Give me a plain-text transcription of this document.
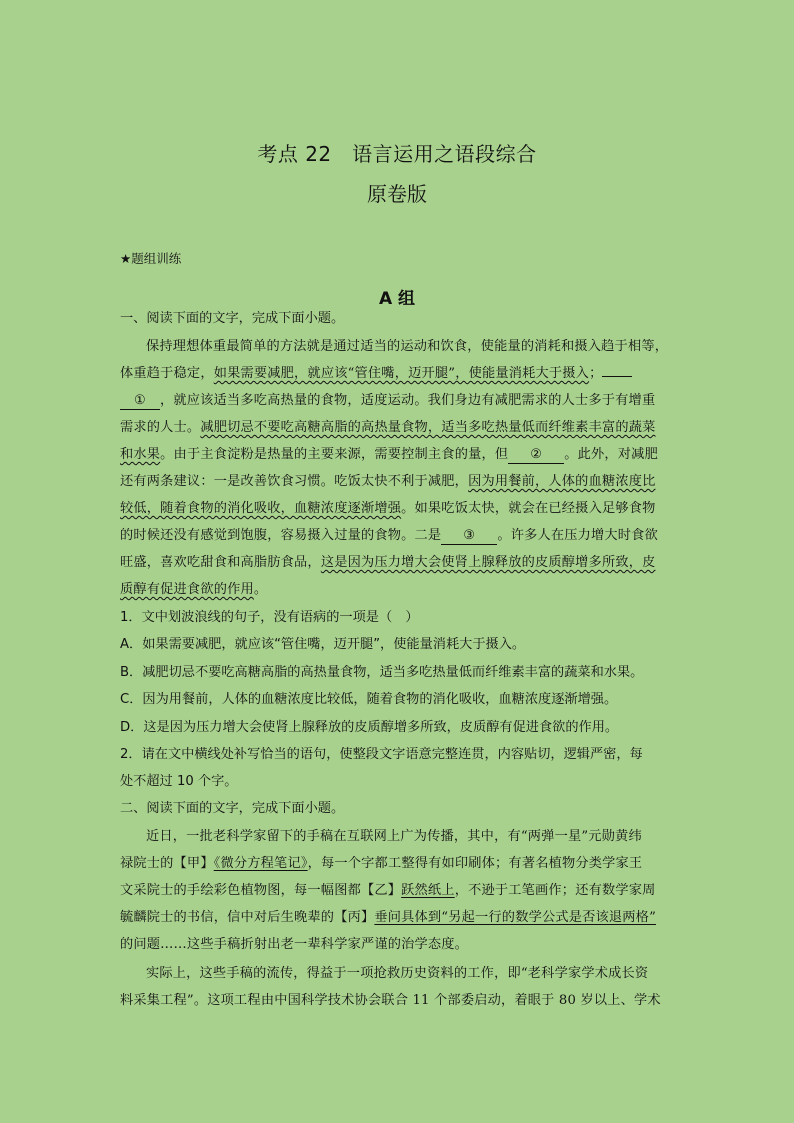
考点 22　语言运用之语段综合
原卷版
★题组训练
A 组
一、阅读下面的文字，完成下面小题。
保持理想体重最简单的方法就是通过适当的运动和饮食，使能量的消耗和摄入趋于相等，
体重趋于稳定，如果需要减肥，就应该“管住嘴，迈开腿”，使能量消耗大于摄入；
① ，就应该适当多吃高热量的食物，适度运动。我们身边有减肥需求的人士多于有增重
需求的人士。减肥切忌不要吃高糖高脂的高热量食物，适当多吃热量低而纤维素丰富的蔬菜
和水果。由于主食淀粉是热量的主要来源，需要控制主食的量，但 ② 。此外，对减肥
还有两条建议：一是改善饮食习惯。吃饭太快不利于减肥，因为用餐前，人体的血糖浓度比
较低，随着食物的消化吸收，血糖浓度逐渐增强。如果吃饭太快，就会在已经摄入足够食物
的时候还没有感觉到饱腹，容易摄入过量的食物。二是 ③ 。许多人在压力增大时食欲
旺盛，喜欢吃甜食和高脂肪食品，这是因为压力增大会使肾上腺释放的皮质醇增多所致，皮
质醇有促进食欲的作用。
1．文中划波浪线的句子，没有语病的一项是（　）
A．如果需要减肥，就应该“管住嘴，迈开腿”，使能量消耗大于摄入。
B．减肥切忌不要吃高糖高脂的高热量食物，适当多吃热量低而纤维素丰富的蔬菜和水果。
C．因为用餐前，人体的血糖浓度比较低，随着食物的消化吸收，血糖浓度逐渐增强。
D．这是因为压力增大会使肾上腺释放的皮质醇增多所致，皮质醇有促进食欲的作用。
2．请在文中横线处补写恰当的语句，使整段文字语意完整连贯，内容贴切，逻辑严密，每
处不超过 10 个字。
二、阅读下面的文字，完成下面小题。
近日，一批老科学家留下的手稿在互联网上广为传播，其中，有“两弹一星”元勋黄纬
禄院士的【甲】《微分方程笔记》，每一个字都工整得有如印刷体；有著名植物分类学家王
文采院士的手绘彩色植物图，每一幅图都【乙】跃然纸上，不逊于工笔画作；还有数学家周
毓麟院士的书信，信中对后生晚辈的【丙】垂问具体到“另起一行的数学公式是否该退两格”
的问题……这些手稿折射出老一辈科学家严谨的治学态度。
实际上，这些手稿的流传，得益于一项抢救历史资料的工作，即“老科学家学术成长资
料采集工程”。这项工程由中国科学技术协会联合 11 个部委启动，着眼于 80 岁以上、学术
